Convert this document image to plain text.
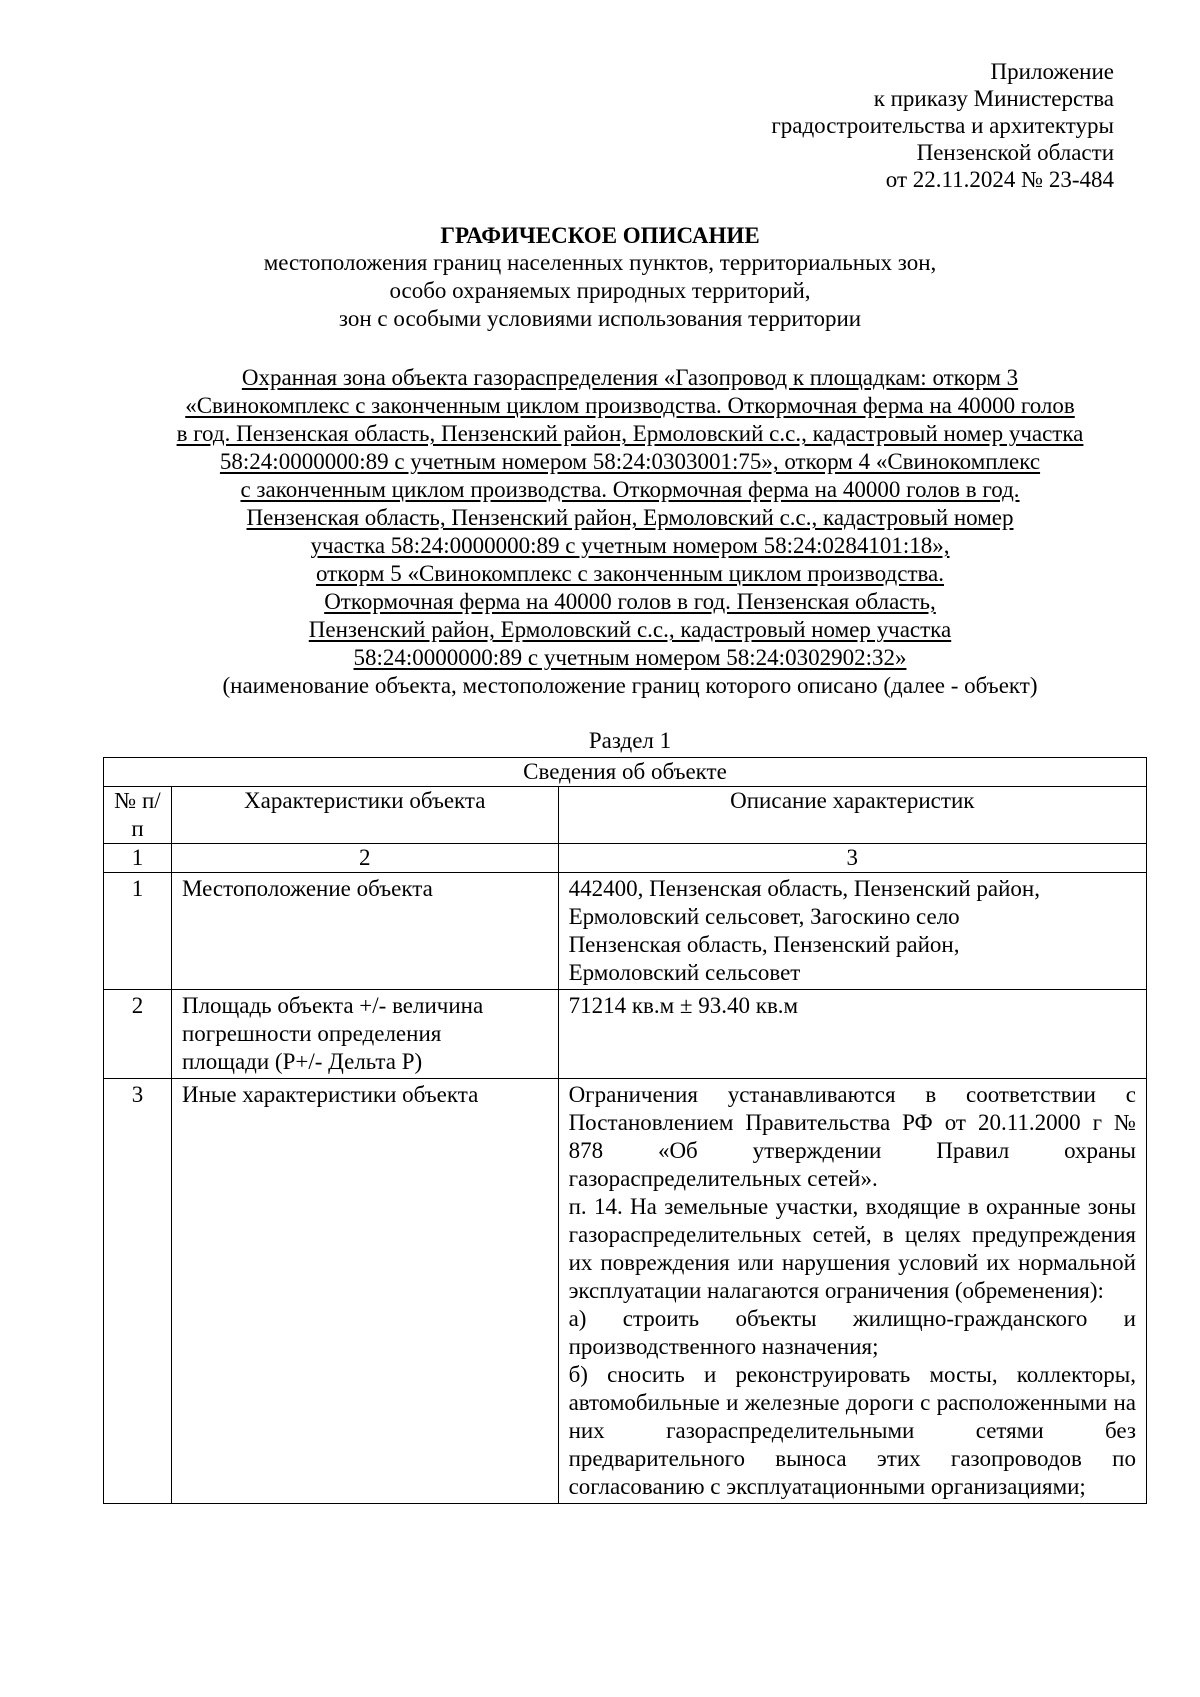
Приложение
к приказу Министерства
градостроительства и архитектуры
Пензенской области
от 22.11.2024 № 23-484
ГРАФИЧЕСКОЕ ОПИСАНИЕ
местоположения границ населенных пунктов, территориальных зон,
особо охраняемых природных территорий,
зон с особыми условиями использования территории
Охранная зона объекта газораспределения «Газопровод к площадкам: откорм 3
«Свинокомплекс с законченным циклом производства. Откормочная ферма на 40000 голов
в год. Пензенская область, Пензенский район, Ермоловский с.с., кадастровый номер участка
58:24:0000000:89 с учетным номером 58:24:0303001:75», откорм 4 «Свинокомплекс
с законченным циклом производства. Откормочная ферма на 40000 голов в год.
Пензенская область, Пензенский район, Ермоловский с.с., кадастровый номер
участка 58:24:0000000:89 с учетным номером 58:24:0284101:18»,
откорм 5 «Свинокомплекс с законченным циклом производства.
Откормочная ферма на 40000 голов в год. Пензенская область,
Пензенский район, Ермоловский с.с., кадастровый номер участка
58:24:0000000:89 с учетным номером 58:24:0302902:32»
(наименование объекта, местоположение границ которого описано (далее - объект)
Раздел 1
Сведения об объекте		
№ п/п	Характеристики объекта	Описание характеристик
1	2	3
1	Местоположение объекта	442400, Пензенская область, Пензенский район,
Ермоловский сельсовет, Загоскино село
Пензенская область, Пензенский район,
Ермоловский сельсовет

2	Площадь объекта +/- величина
погрешности определения
площади (P+/- Дельта P)	71214 кв.м ± 93.40 кв.м
3	Иные характеристики объекта	Ограничения устанавливаются в соответствии с Постановлением Правительства РФ от 20.11.2000 г № 878 «Об утверждении Правил охраны газораспределительных сетей».
п. 14. На земельные участки, входящие в охранные зоны газораспределительных сетей, в целях предупреждения их повреждения или нарушения условий их нормальной эксплуатации налагаются ограничения (обременения):
а) строить объекты жилищно-гражданского и производственного назначения;
б) сносить и реконструировать мосты, коллекторы, автомобильные и железные дороги с расположенными на них газораспределительными сетями без предварительного выноса этих газопроводов по согласованию с эксплуатационными организациями;
